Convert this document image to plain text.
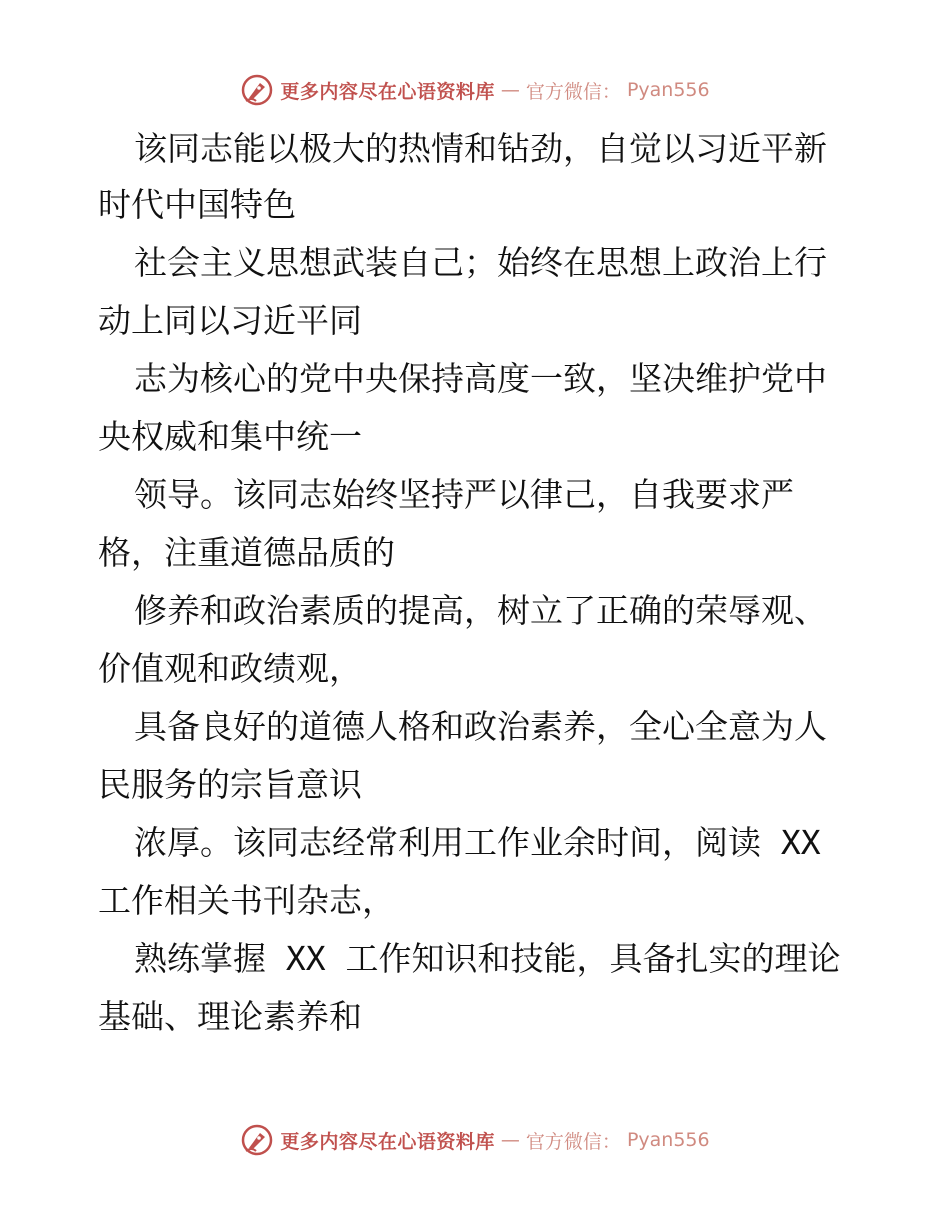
更多内容尽在心语资料库 — 官方微信： Pyan556
该同志能以极大的热情和钻劲，自觉以习近平新
时代中国特色
社会主义思想武装自己；始终在思想上政治上行
动上同以习近平同
志为核心的党中央保持高度一致，坚决维护党中
央权威和集中统一
领导。该同志始终坚持严以律己，自我要求严
格，注重道德品质的
修养和政治素质的提高，树立了正确的荣辱观、
价值观和政绩观，
具备良好的道德人格和政治素养，全心全意为人
民服务的宗旨意识
浓厚。该同志经常利用工作业余时间，阅读 XX
工作相关书刊杂志，
熟练掌握 XX 工作知识和技能，具备扎实的理论
基础、理论素养和
更多内容尽在心语资料库 — 官方微信： Pyan556
